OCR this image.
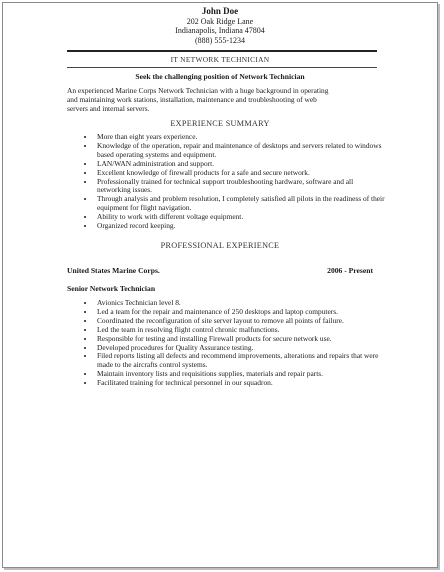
John Doe
202 Oak Ridge Lane
Indianapolis, Indiana 47804
(888) 555-1234
IT NETWORK TECHNICIAN
Seek the challenging position of Network Technician
An experienced Marine Corps Network Technician with a huge background in operating
and maintaining work stations, installation, maintenance and troubleshooting of web
servers and internal servers.
EXPERIENCE SUMMARY
• More than eight years experience.
• Knowledge of the operation, repair and maintenance of desktops and servers related to windows based operating systems and equipment.
• LAN/WAN administration and support.
• Excellent knowledge of firewall products for a safe and secure network.
• Professionally trained for technical support troubleshooting hardware, software and all networking issues.
• Through analysis and problem resolution, I completely satisfied all pilots in the readiness of their equipment for flight navigation.
• Ability to work with different voltage equipment.
• Organized record keeping.
PROFESSIONAL EXPERIENCE
United States Marine Corps.	2006 - Present
Senior Network Technician
• Avionics Technician level 8.
• Led a team for the repair and maintenance of 250 desktops and laptop computers.
• Coordinated the reconfiguration of site server layout to remove all points of failure.
• Led the team in resolving flight control chronic malfunctions.
• Responsible for testing and installing Firewall products for secure network use.
• Developed procedures for Quality Assurance testing.
• Filed reports listing all defects and recommend improvements, alterations and repairs that were made to the aircrafts control systems.
• Maintain inventory lists and requisitions supplies, materials and repair parts.
• Facilitated training for technical personnel in our squadron.
